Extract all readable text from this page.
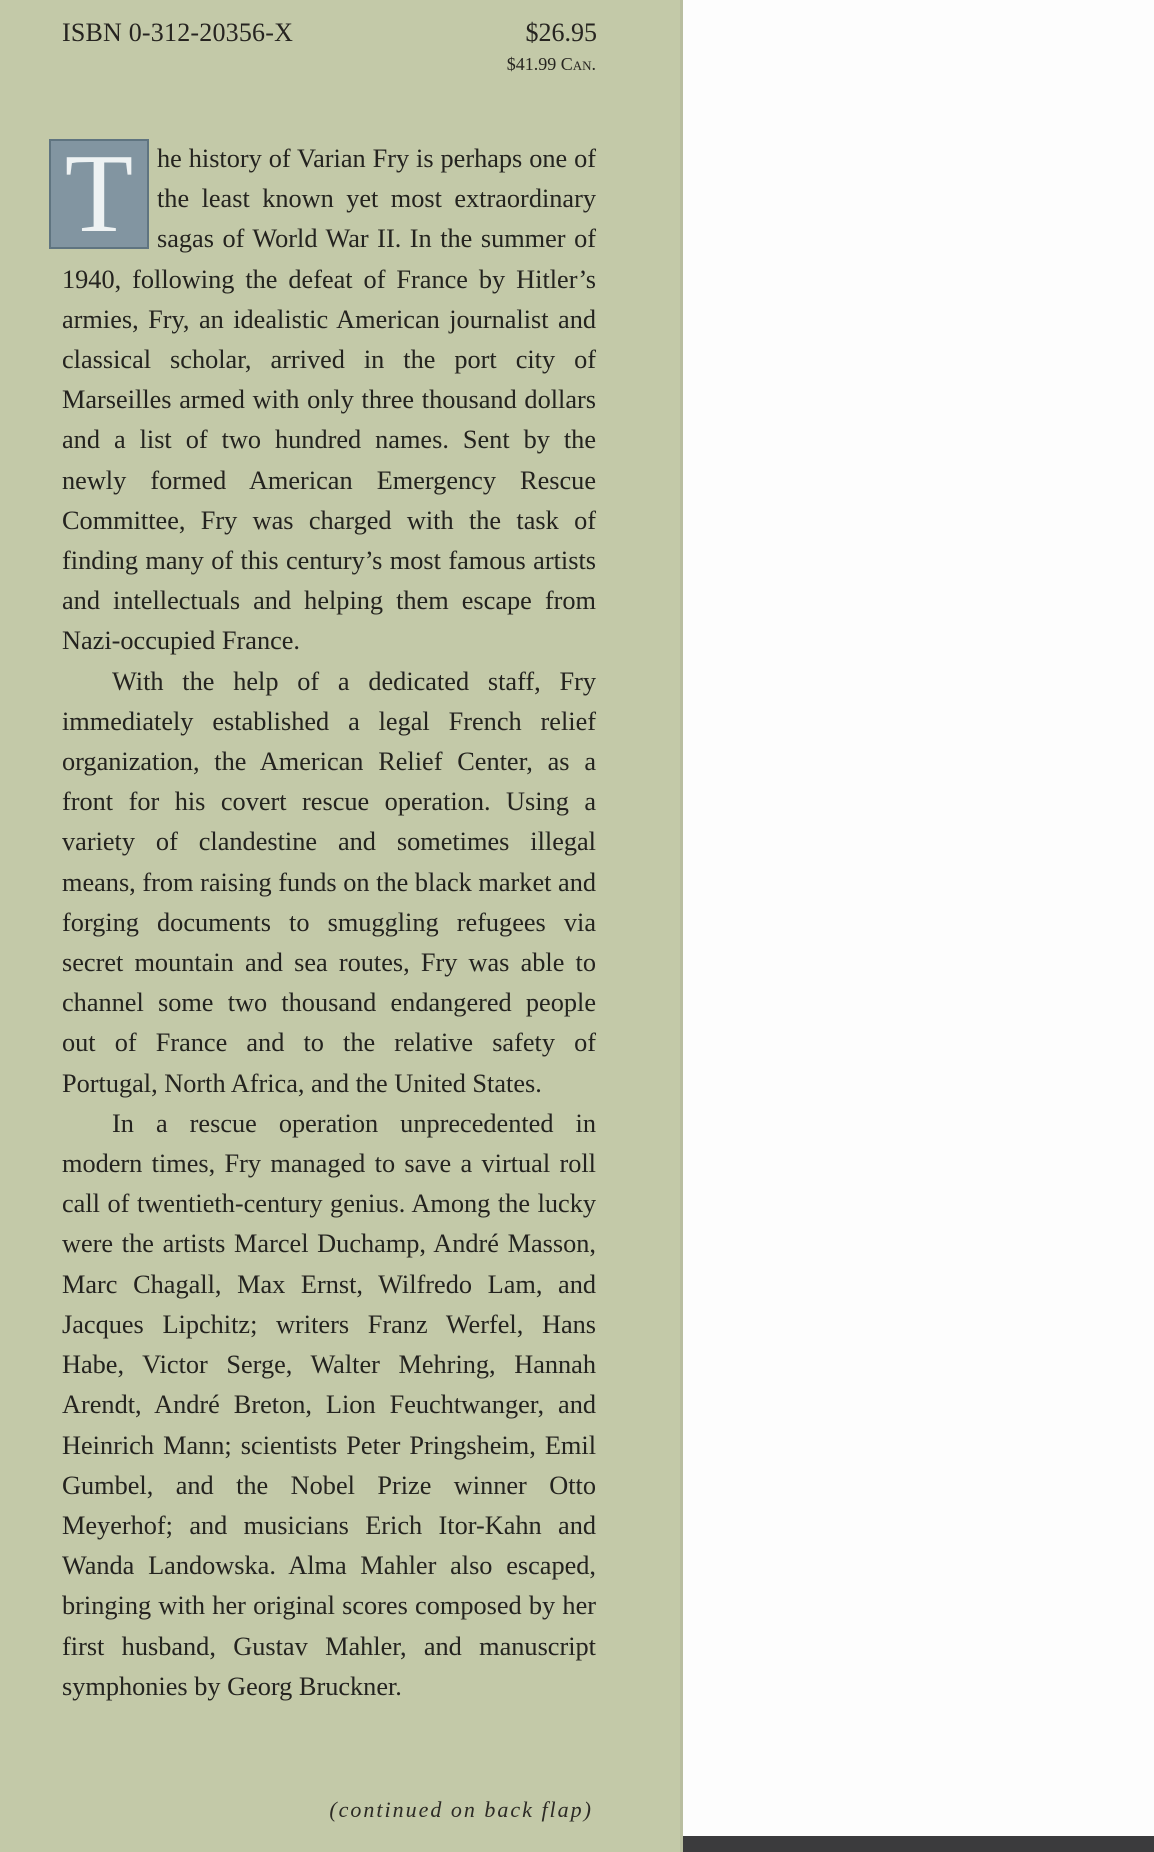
ISBN 0-312-20356-X	$26.95
$41.99 Can.

T he history of Varian Fry is perhaps one of the least known yet most extraordinary sagas of World War II. In the summer of 1940, following the defeat of France by Hitler’s armies, Fry, an idealistic American journalist and classical scholar, arrived in the port city of Marseilles armed with only three thousand dollars and a list of two hundred names. Sent by the newly formed American Emergency Rescue Committee, Fry was charged with the task of finding many of this century’s most famous artists and intellectuals and helping them escape from Nazi-occupied France.

With the help of a dedicated staff, Fry immediately established a legal French relief organization, the American Relief Center, as a front for his covert rescue operation. Using a variety of clandestine and sometimes illegal means, from raising funds on the black market and forging documents to smuggling refugees via secret mountain and sea routes, Fry was able to channel some two thousand endangered people out of France and to the relative safety of Portugal, North Africa, and the United States.

In a rescue operation unprecedented in modern times, Fry managed to save a virtual roll call of twentieth-century genius. Among the lucky were the artists Marcel Duchamp, André Masson, Marc Chagall, Max Ernst, Wilfredo Lam, and Jacques Lipchitz; writers Franz Werfel, Hans Habe, Victor Serge, Walter Mehring, Hannah Arendt, André Breton, Lion Feuchtwanger, and Heinrich Mann; scientists Peter Pringsheim, Emil Gumbel, and the Nobel Prize winner Otto Meyerhof; and musicians Erich Itor-Kahn and Wanda Landowska. Alma Mahler also escaped, bringing with her original scores composed by her first husband, Gustav Mahler, and manuscript symphonies by Georg Bruckner.

(continued on back flap)
